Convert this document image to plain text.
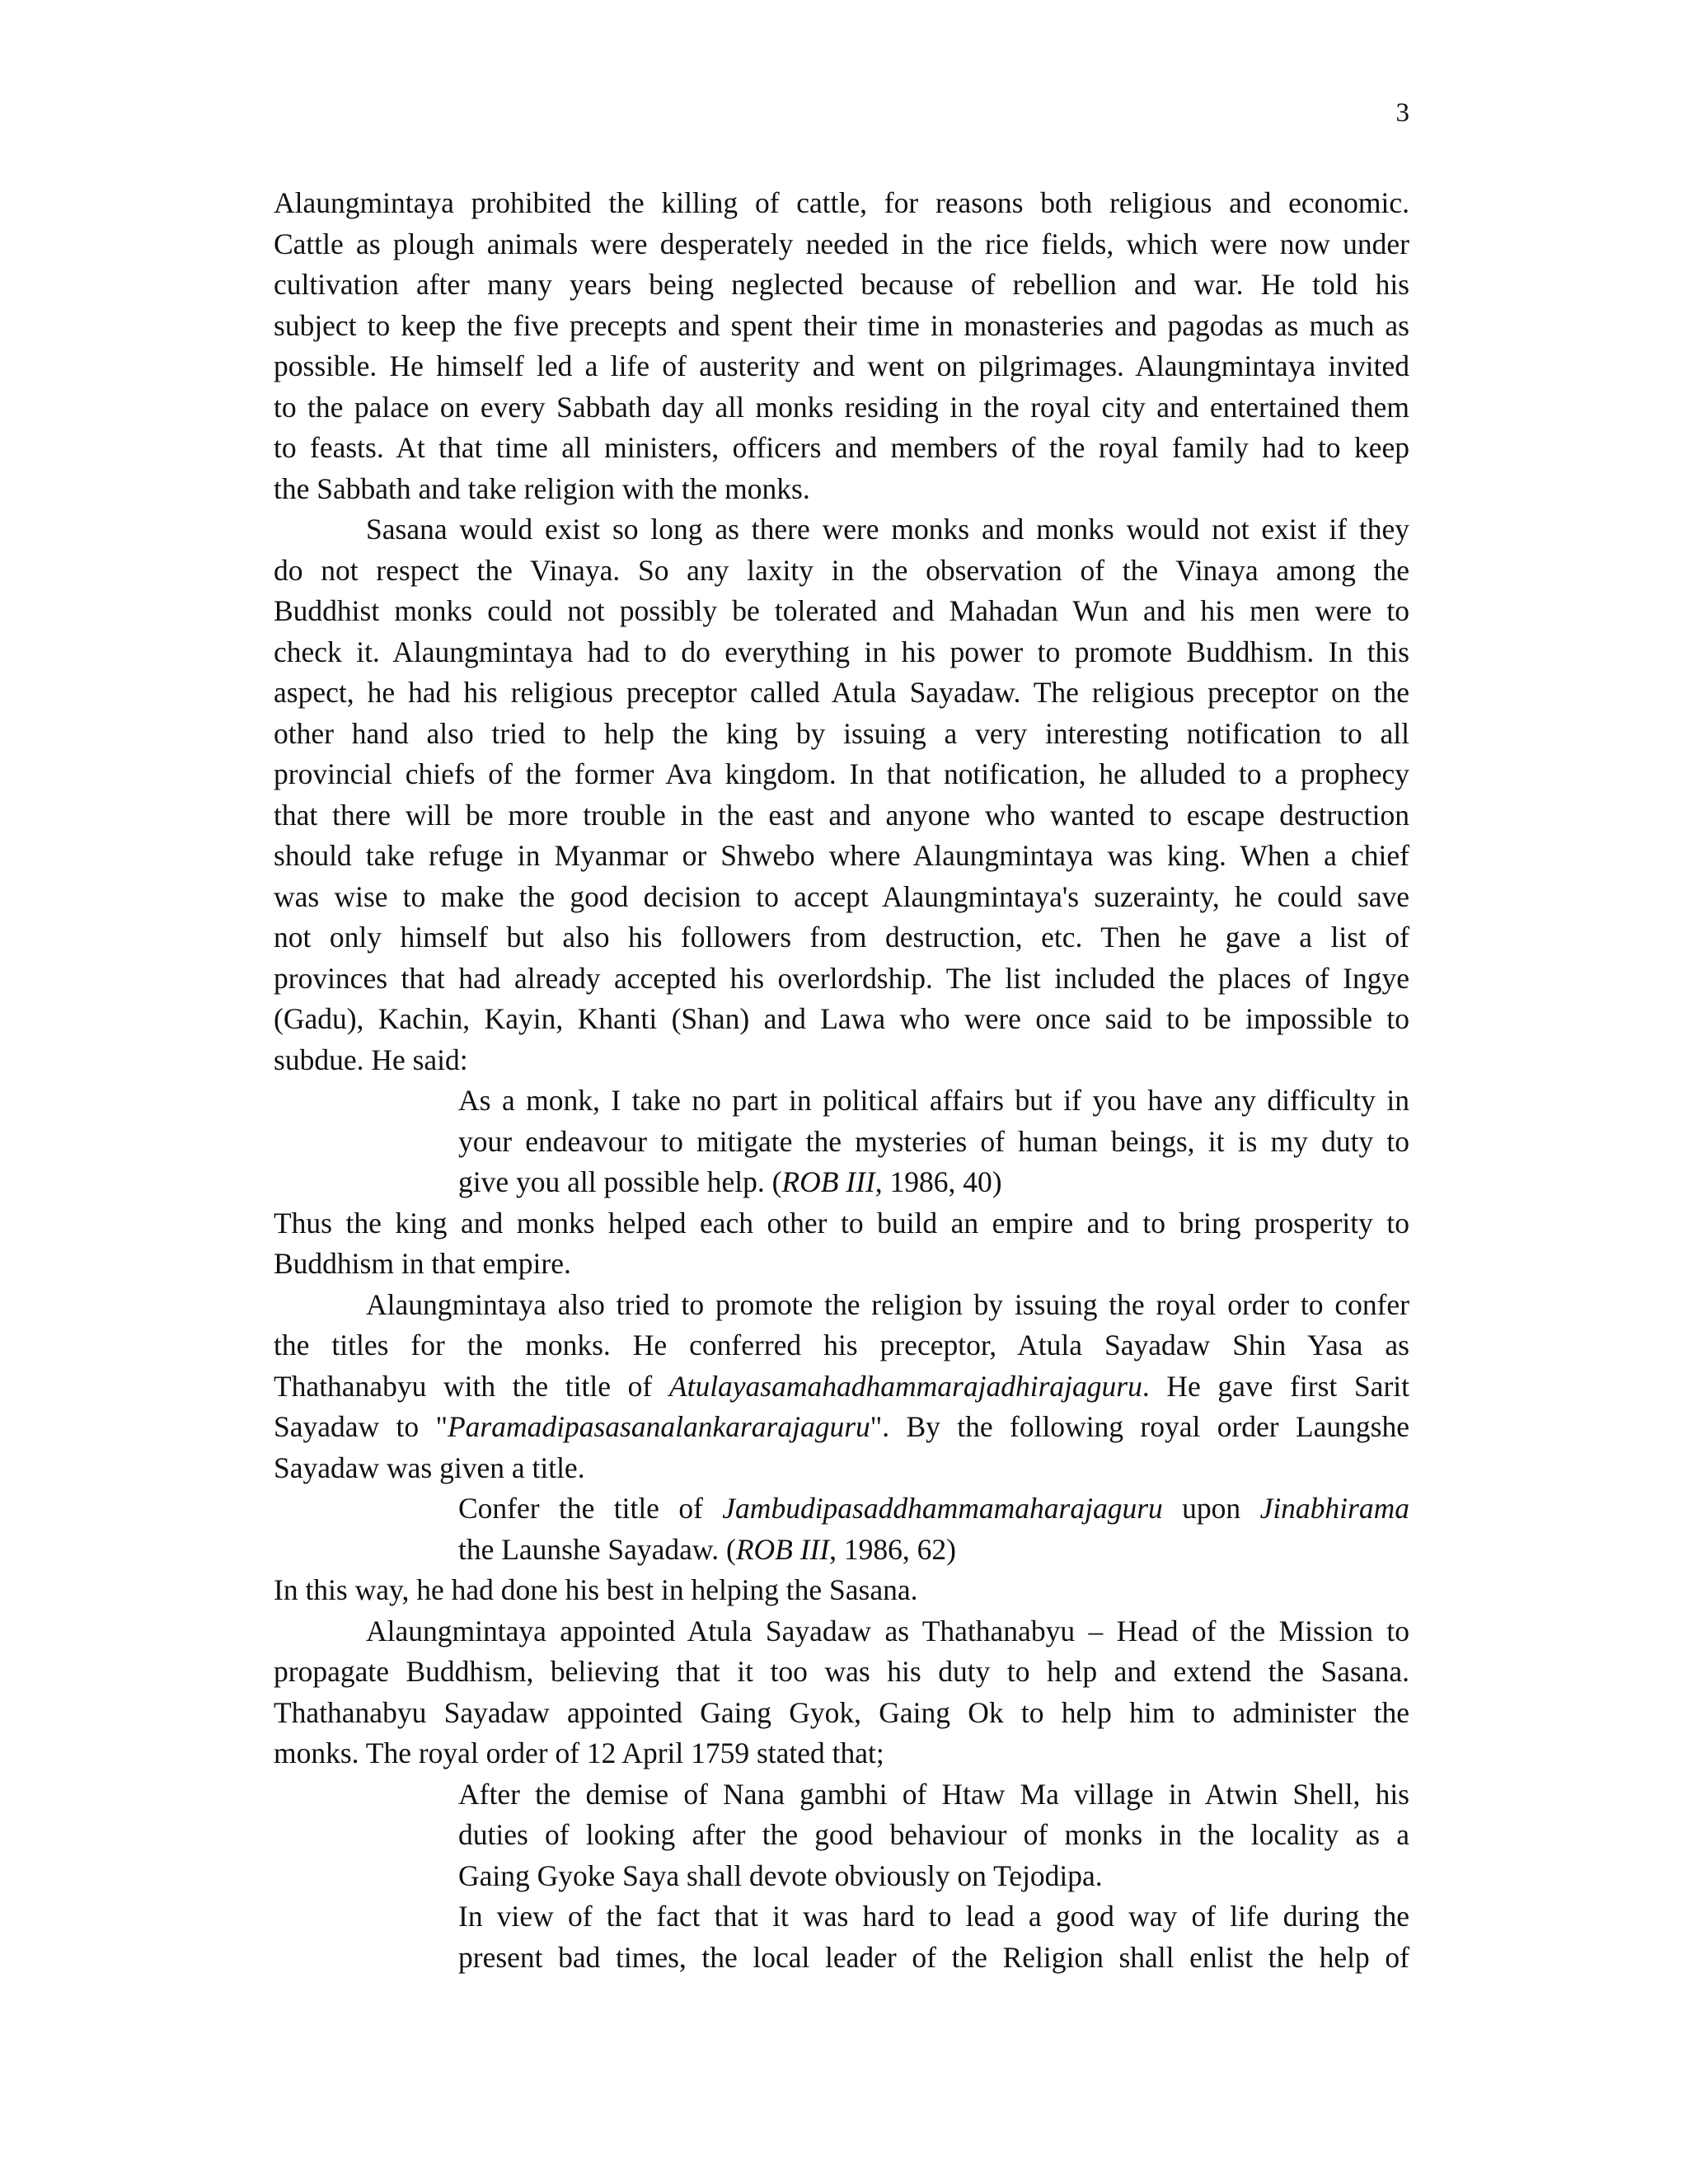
3
Alaungmintaya prohibited the killing of cattle, for reasons both religious and economic.
Cattle as plough animals were desperately needed in the rice fields, which were now under
cultivation after many years being neglected because of rebellion and war. He told his
subject to keep the five precepts and spent their time in monasteries and pagodas as much as
possible. He himself led a life of austerity and went on pilgrimages. Alaungmintaya invited
to the palace on every Sabbath day all monks residing in the royal city and entertained them
to feasts. At that time all ministers, officers and members of the royal family had to keep
the Sabbath and take religion with the monks.
Sasana would exist so long as there were monks and monks would not exist if they
do not respect the Vinaya. So any laxity in the observation of the Vinaya among the
Buddhist monks could not possibly be tolerated and Mahadan Wun and his men were to
check it. Alaungmintaya had to do everything in his power to promote Buddhism. In this
aspect, he had his religious preceptor called Atula Sayadaw. The religious preceptor on the
other hand also tried to help the king by issuing a very interesting notification to all
provincial chiefs of the former Ava kingdom. In that notification, he alluded to a prophecy
that there will be more trouble in the east and anyone who wanted to escape destruction
should take refuge in Myanmar or Shwebo where Alaungmintaya was king. When a chief
was wise to make the good decision to accept Alaungmintaya's suzerainty, he could save
not only himself but also his followers from destruction, etc. Then he gave a list of
provinces that had already accepted his overlordship. The list included the places of Ingye
(Gadu), Kachin, Kayin, Khanti (Shan) and Lawa who were once said to be impossible to
subdue. He said:
As a monk, I take no part in political affairs but if you have any difficulty in
your endeavour to mitigate the mysteries of human beings, it is my duty to
give you all possible help. (ROB III, 1986, 40)
Thus the king and monks helped each other to build an empire and to bring prosperity to
Buddhism in that empire.
Alaungmintaya also tried to promote the religion by issuing the royal order to confer
the titles for the monks. He conferred his preceptor, Atula Sayadaw Shin Yasa as
Thathanabyu with the title of Atulayasamahadhammarajadhirajaguru. He gave first Sarit
Sayadaw to "Paramadipasasanalankararajaguru". By the following royal order Laungshe
Sayadaw was given a title.
Confer the title of Jambudipasaddhammamaharajaguru upon Jinabhirama
the Launshe Sayadaw. (ROB III, 1986, 62)
In this way, he had done his best in helping the Sasana.
Alaungmintaya appointed Atula Sayadaw as Thathanabyu – Head of the Mission to
propagate Buddhism, believing that it too was his duty to help and extend the Sasana.
Thathanabyu Sayadaw appointed Gaing Gyok, Gaing Ok to help him to administer the
monks. The royal order of 12 April 1759 stated that;
After the demise of Nana gambhi of Htaw Ma village in Atwin Shell, his
duties of looking after the good behaviour of monks in the locality as a
Gaing Gyoke Saya shall devote obviously on Tejodipa.
In view of the fact that it was hard to lead a good way of life during the
present bad times, the local leader of the Religion shall enlist the help of
